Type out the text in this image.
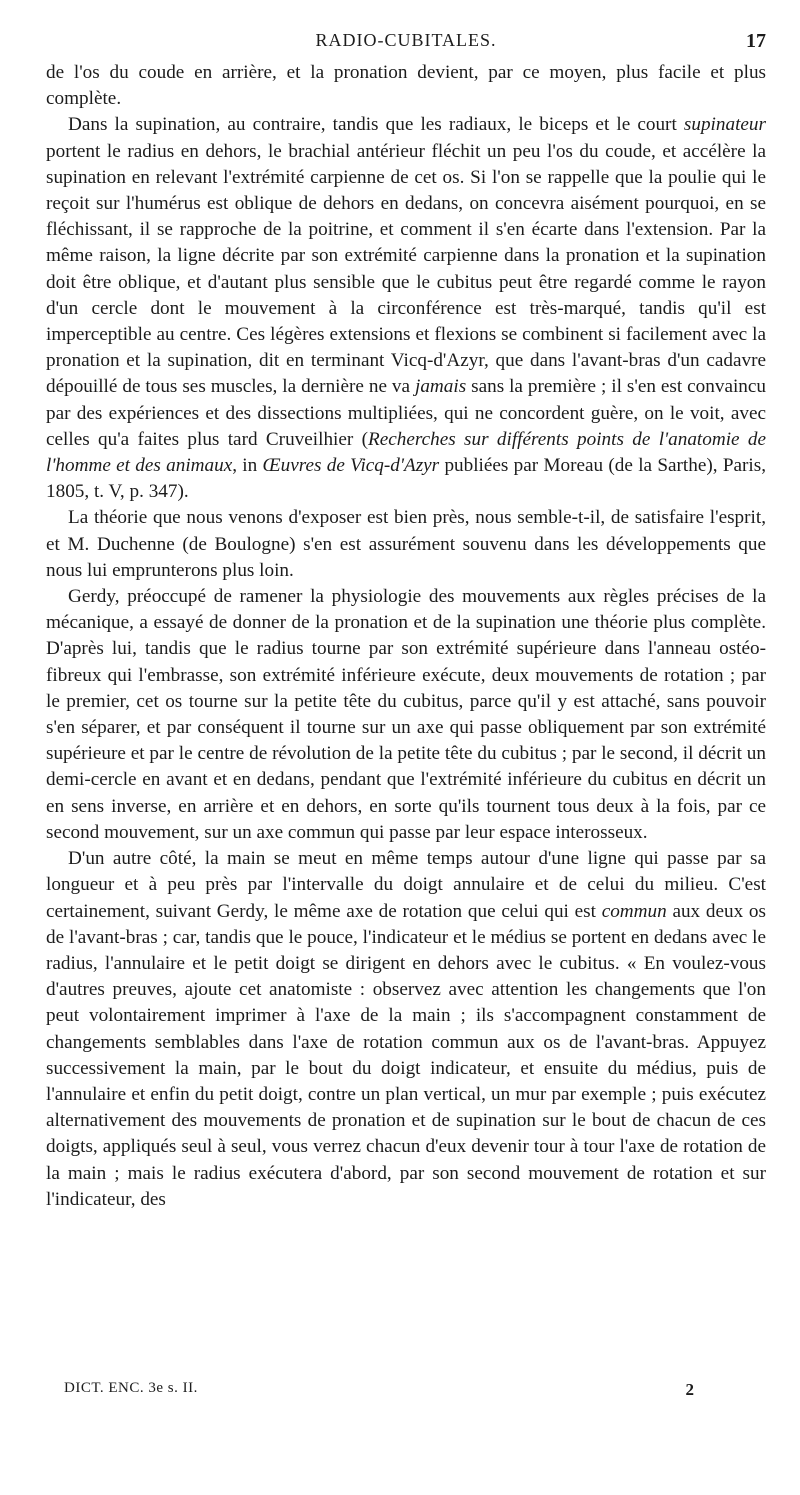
RADIO-CUBITALES.	17

de l'os du coude en arrière, et la pronation devient, par ce moyen, plus facile et plus complète.

Dans la supination, au contraire, tandis que les radiaux, le biceps et le court supinateur portent le radius en dehors, le brachial antérieur fléchit un peu l'os du coude, et accélère la supination en relevant l'extrémité carpienne de cet os. Si l'on se rappelle que la poulie qui le reçoit sur l'humérus est oblique de dehors en dedans, on concevra aisément pourquoi, en se fléchissant, il se rapproche de la poitrine, et comment il s'en écarte dans l'extension. Par la même raison, la ligne décrite par son extrémité carpienne dans la pronation et la supination doit être oblique, et d'autant plus sensible que le cubitus peut être regardé comme le rayon d'un cercle dont le mouvement à la circonférence est très-marqué, tandis qu'il est imperceptible au centre. Ces légères extensions et flexions se combinent si facilement avec la pronation et la supination, dit en terminant Vicq-d'Azyr, que dans l'avant-bras d'un cadavre dépouillé de tous ses muscles, la dernière ne va jamais sans la première ; il s'en est convaincu par des expériences et des dissections multipliées, qui ne concordent guère, on le voit, avec celles qu'a faites plus tard Cruveilhier (Recherches sur différents points de l'anatomie de l'homme et des animaux, in Œuvres de Vicq-d'Azyr publiées par Moreau (de la Sarthe), Paris, 1805, t. V, p. 347).

La théorie que nous venons d'exposer est bien près, nous semble-t-il, de satisfaire l'esprit, et M. Duchenne (de Boulogne) s'en est assurément souvenu dans les développements que nous lui emprunterons plus loin.

Gerdy, préoccupé de ramener la physiologie des mouvements aux règles précises de la mécanique, a essayé de donner de la pronation et de la supination une théorie plus complète. D'après lui, tandis que le radius tourne par son extrémité supérieure dans l'anneau ostéo-fibreux qui l'embrasse, son extrémité inférieure exécute, deux mouvements de rotation ; par le premier, cet os tourne sur la petite tête du cubitus, parce qu'il y est attaché, sans pouvoir s'en séparer, et par conséquent il tourne sur un axe qui passe obliquement par son extrémité supérieure et par le centre de révolution de la petite tête du cubitus ; par le second, il décrit un demi-cercle en avant et en dedans, pendant que l'extrémité inférieure du cubitus en décrit un en sens inverse, en arrière et en dehors, en sorte qu'ils tournent tous deux à la fois, par ce second mouvement, sur un axe commun qui passe par leur espace interosseux.

D'un autre côté, la main se meut en même temps autour d'une ligne qui passe par sa longueur et à peu près par l'intervalle du doigt annulaire et de celui du milieu. C'est certainement, suivant Gerdy, le même axe de rotation que celui qui est commun aux deux os de l'avant-bras ; car, tandis que le pouce, l'indicateur et le médius se portent en dedans avec le radius, l'annulaire et le petit doigt se dirigent en dehors avec le cubitus. « En voulez-vous d'autres preuves, ajoute cet anatomiste : observez avec attention les changements que l'on peut volontairement imprimer à l'axe de la main ; ils s'accompagnent constamment de changements semblables dans l'axe de rotation commun aux os de l'avant-bras. Appuyez successivement la main, par le bout du doigt indicateur, et ensuite du médius, puis de l'annulaire et enfin du petit doigt, contre un plan vertical, un mur par exemple ; puis exécutez alternativement des mouvements de pronation et de supination sur le bout de chacun de ces doigts, appliqués seul à seul, vous verrez chacun d'eux devenir tour à tour l'axe de rotation de la main ; mais le radius exécutera d'abord, par son second mouvement de rotation et sur l'indicateur, des

DICT. ENC. 3e s. II.	2
